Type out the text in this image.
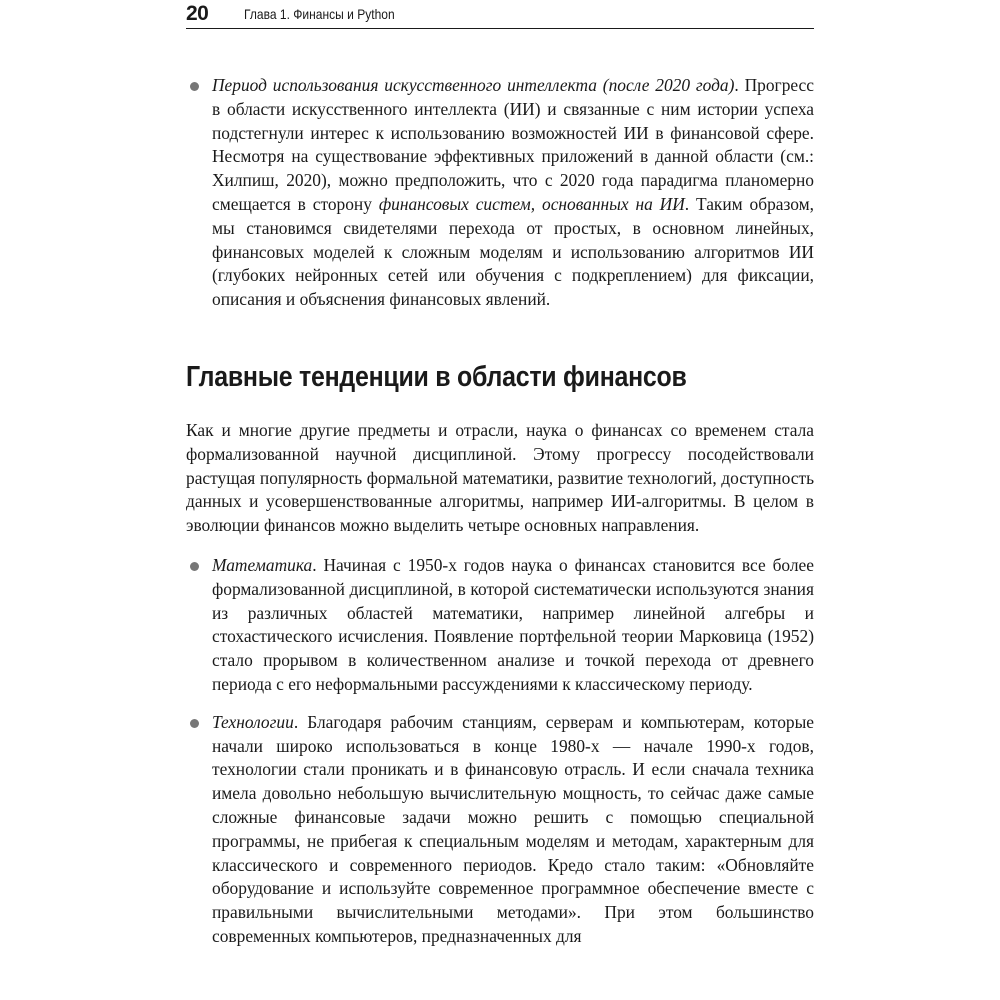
20	Глава 1. Финансы и Python

Период использования искусственного интеллекта (после 2020 года). Прогресс в области искусственного интеллекта (ИИ) и связанные с ним истории успеха подстегнули интерес к использованию возможностей ИИ в финансовой сфере. Несмотря на существование эффективных приложений в данной области (см.: Хилпиш, 2020), можно предположить, что с 2020 года парадигма планомерно смещается в сторону финансовых систем, основанных на ИИ. Таким образом, мы становимся свидетелями перехода от простых, в основном линейных, финансовых моделей к сложным моделям и использованию алгоритмов ИИ (глубоких нейронных сетей или обучения с подкреплением) для фиксации, описания и объяснения финансовых явлений.

Главные тенденции в области финансов

Как и многие другие предметы и отрасли, наука о финансах со временем стала формализованной научной дисциплиной. Этому прогрессу посодействовали растущая популярность формальной математики, развитие технологий, доступность данных и усовершенствованные алгоритмы, например ИИ-алгоритмы. В целом в эволюции финансов можно выделить четыре основных направления.

Математика. Начиная с 1950-х годов наука о финансах становится все более формализованной дисциплиной, в которой систематически используются знания из различных областей математики, например линейной алгебры и стохастического исчисления. Появление портфельной теории Марковица (1952) стало прорывом в количественном анализе и точкой перехода от древнего периода с его неформальными рассуждениями к классическому периоду.

Технологии. Благодаря рабочим станциям, серверам и компьютерам, которые начали широко использоваться в конце 1980-х — начале 1990-х годов, технологии стали проникать и в финансовую отрасль. И если сначала техника имела довольно небольшую вычислительную мощность, то сейчас даже самые сложные финансовые задачи можно решить с помощью специальной программы, не прибегая к специальным моделям и методам, характерным для классического и современного периодов. Кредо стало таким: «Обновляйте оборудование и используйте современное программное обеспечение вместе с правильными вычислительными методами». При этом большинство современных компьютеров, предназначенных для
